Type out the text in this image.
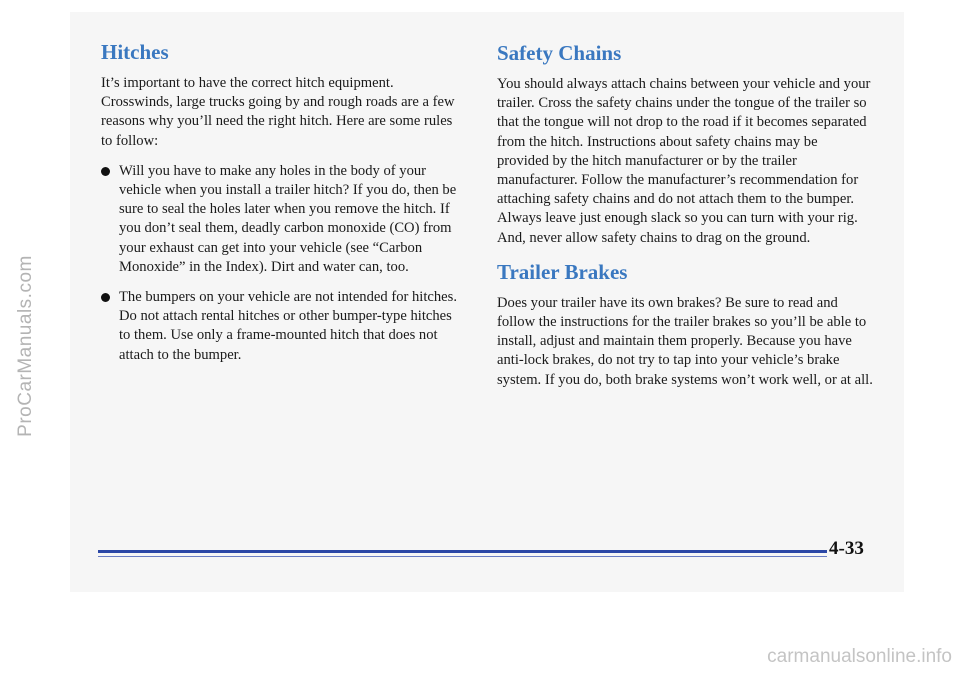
ProCarManuals.com
Hitches

It’s important to have the correct hitch equipment. Crosswinds, large trucks going by and rough roads are a few reasons why you’ll need the right hitch. Here are some rules to follow:

Will you have to make any holes in the body of your vehicle when you install a trailer hitch? If you do, then be sure to seal the holes later when you remove the hitch. If you don’t seal them, deadly carbon monoxide (CO) from your exhaust can get into your vehicle (see “Carbon Monoxide” in the Index). Dirt and water can, too.
The bumpers on your vehicle are not intended for hitches. Do not attach rental hitches or other bumper-type hitches to them. Use only a frame-mounted hitch that does not attach to the bumper.
Safety Chains

You should always attach chains between your vehicle and your trailer. Cross the safety chains under the tongue of the trailer so that the tongue will not drop to the road if it becomes separated from the hitch. Instructions about safety chains may be provided by the hitch manufacturer or by the trailer manufacturer. Follow the manufacturer’s recommendation for attaching safety chains and do not attach them to the bumper. Always leave just enough slack so you can turn with your rig. And, never allow safety chains to drag on the ground.

Trailer Brakes

Does your trailer have its own brakes? Be sure to read and follow the instructions for the trailer brakes so you’ll be able to install, adjust and maintain them properly. Because you have anti-lock brakes, do not try to tap into your vehicle’s brake system. If you do, both brake systems won’t work well, or at all.

4-33
carmanualsonline.info
